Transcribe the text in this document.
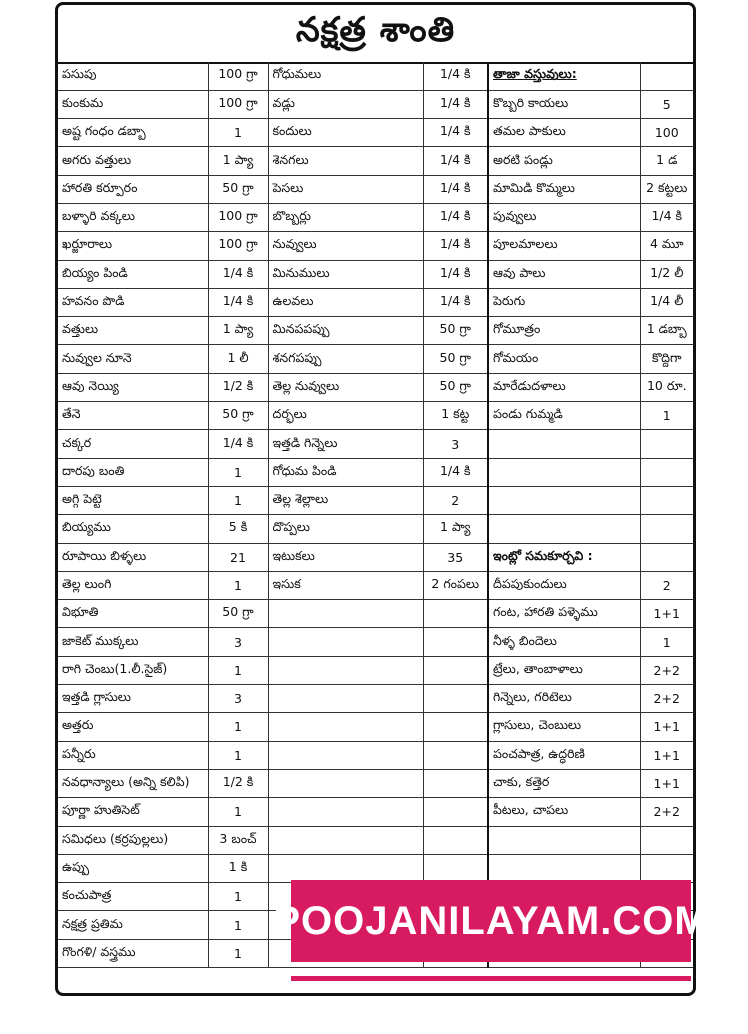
నక్షత్ర శాంతి
పసుపు	100 గ్రా	గోధుమలు	1/4 కి	తాజా వస్తువులు:	
కుంకుమ	100 గ్రా	వడ్లు	1/4 కి	కొబ్బరి కాయలు	5
అష్ట గంధం డబ్బా	1	కందులు	1/4 కి	తమల పాకులు	100
అగరు వత్తులు	1 ప్యా	శెనగలు	1/4 కి	అరటి పండ్లు	1 డ
హారతి కర్పూరం	50 గ్రా	పెసలు	1/4 కి	మామిడి కొమ్మలు	2 కట్టలు
బళ్ళారి వక్కలు	100 గ్రా	బొబ్బర్లు	1/4 కి	పువ్వులు	1/4 కి
ఖర్జూరాలు	100 గ్రా	నువ్వులు	1/4 కి	పూలమాలలు	4 మూ
బియ్యం పిండి	1/4 కి	మినుములు	1/4 కి	ఆవు పాలు	1/2 లీ
హవనం పొడి	1/4 కి	ఉలవలు	1/4 కి	పెరుగు	1/4 లీ
వత్తులు	1 ప్యా	మినపపప్పు	50 గ్రా	గోమూత్రం	1 డబ్బా
నువ్వుల నూనె	1 లీ	శనగపప్పు	50 గ్రా	గోమయం	కొద్దిగా
ఆవు నెయ్యి	1/2 కి	తెల్ల నువ్వులు	50 గ్రా	మారేడుదళాలు	10 రూ.
తేనె	50 గ్రా	దర్భలు	1 కట్ట	పండు గుమ్మడి	1
చక్కర	1/4 కి	ఇత్తడి గిన్నెలు	3		
దారపు బంతి	1	గోధుమ పిండి	1/4 కి		
అగ్గి పెట్టె	1	తెల్ల శెల్లాలు	2		
బియ్యము	5 కి	దొప్పలు	1 ప్యా		
రూపాయి బిళ్ళలు	21	ఇటుకలు	35	ఇంట్లో సమకూర్చవి :	
తెల్ల లుంగి	1	ఇసుక	2 గంపలు	దీపపుకుందులు	2
విభూతి	50 గ్రా			గంట, హారతి పళ్ళెము	1+1
జాకెట్ ముక్కలు	3			నీళ్ళ బిందెలు	1
రాగి చెంబు(1.లీ.సైజ్)	1			ట్రేలు, తాంబాళాలు	2+2
ఇత్తడి గ్లాసులు	3			గిన్నెలు, గరిటెలు	2+2
అత్తరు	1			గ్లాసులు, చెంబులు	1+1
పన్నీరు	1			పంచపాత్ర, ఉద్ధరిణి	1+1
నవధాన్యాలు (అన్ని కలిపి)	1/2 కి			చాకు, కత్తెర	1+1
పూర్ణా హుతిసెట్	1			పీటలు, చాపలు	2+2
సమిధలు (కర్రపుల్లలు)	3 బంచ్				
ఉప్పు	1 కి				
కంచుపాత్ర	1				
నక్షత్ర ప్రతిమ	1				
గొంగళి/ వస్త్రము	1				
POOJANILAYAM.COM
